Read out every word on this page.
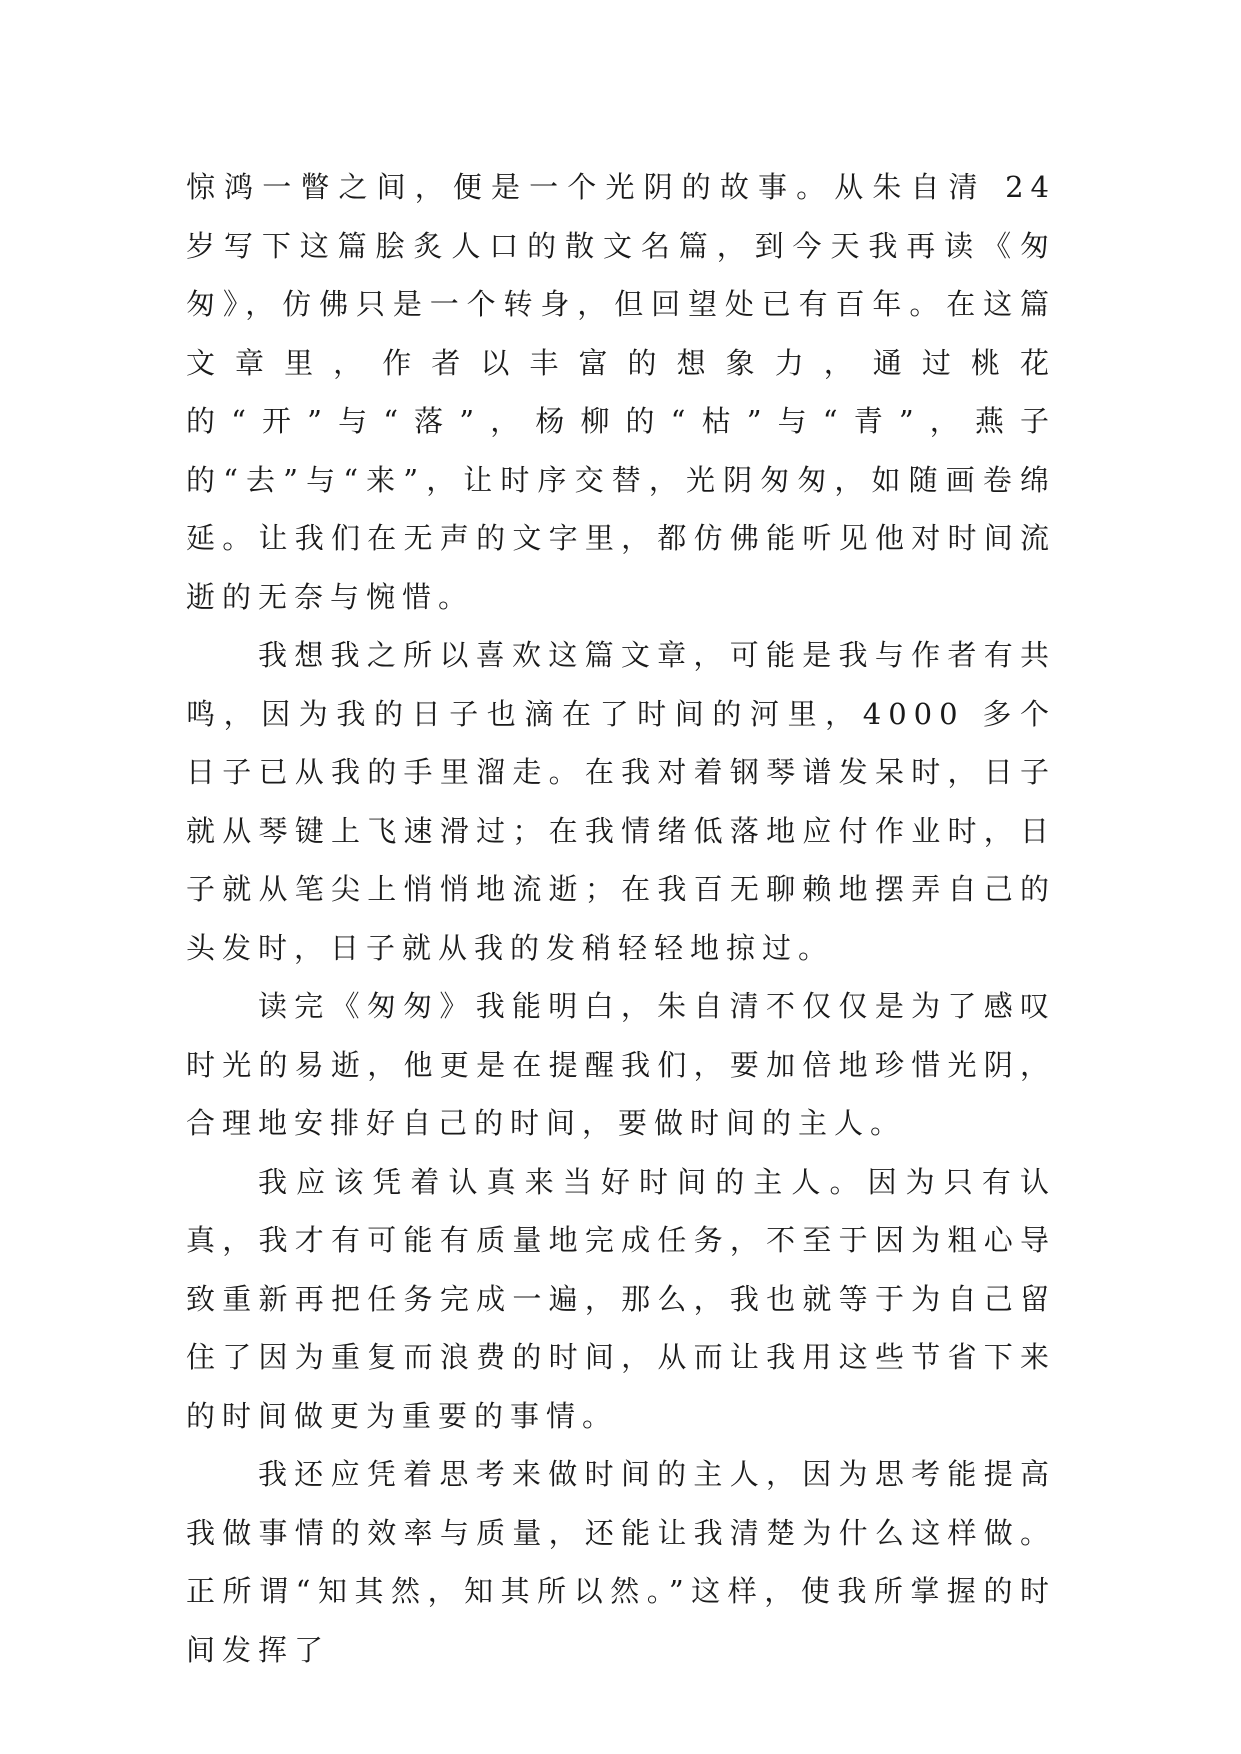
惊鸿一瞥之间，便是一个光阴的故事。从朱自清 24 岁写下这篇脍炙人口的散文名篇，到今天我再读《匆匆》，仿佛只是一个转身，但回望处已有百年。在这篇文章里，作者以丰富的想象力，通过桃花的“开”与“落”，杨柳的“枯”与“青”，燕子的“去”与“来”，让时序交替，光阴匆匆，如随画卷绵延。让我们在无声的文字里，都仿佛能听见他对时间流逝的无奈与惋惜。

我想我之所以喜欢这篇文章，可能是我与作者有共鸣，因为我的日子也滴在了时间的河里，4000 多个日子已从我的手里溜走。在我对着钢琴谱发呆时，日子就从琴键上飞速滑过；在我情绪低落地应付作业时，日子就从笔尖上悄悄地流逝；在我百无聊赖地摆弄自己的头发时，日子就从我的发稍轻轻地掠过。

读完《匆匆》我能明白，朱自清不仅仅是为了感叹时光的易逝，他更是在提醒我们，要加倍地珍惜光阴，合理地安排好自己的时间，要做时间的主人。

我应该凭着认真来当好时间的主人。因为只有认真，我才有可能有质量地完成任务，不至于因为粗心导致重新再把任务完成一遍，那么，我也就等于为自己留住了因为重复而浪费的时间，从而让我用这些节省下来的时间做更为重要的事情。

我还应凭着思考来做时间的主人，因为思考能提高我做事情的效率与质量，还能让我清楚为什么这样做。正所谓“知其然，知其所以然。”这样，使我所掌握的时间发挥了
